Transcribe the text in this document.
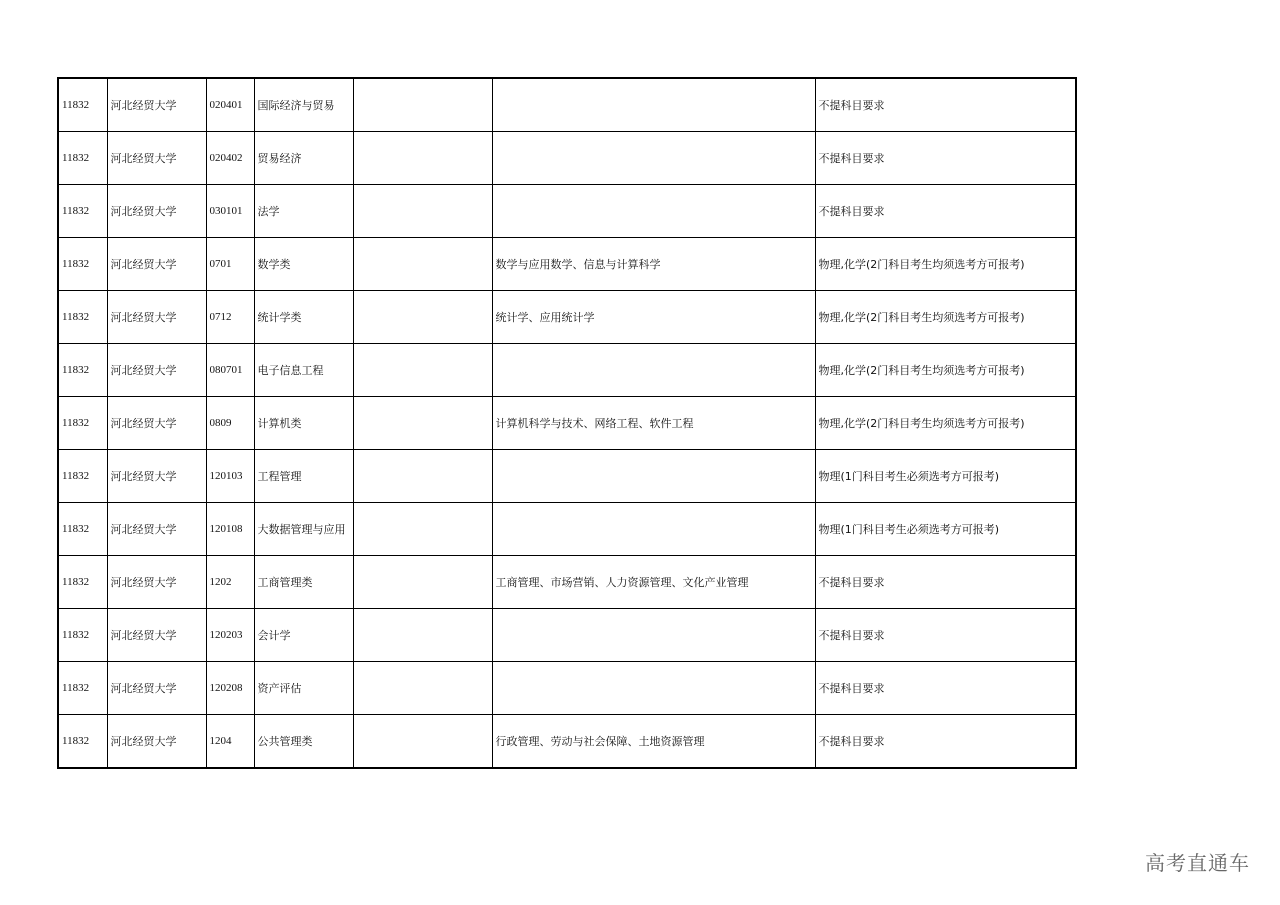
11832	河北经贸大学	020401	国际经济与贸易			不提科目要求
11832	河北经贸大学	020402	贸易经济			不提科目要求
11832	河北经贸大学	030101	法学			不提科目要求
11832	河北经贸大学	0701	数学类		数学与应用数学、信息与计算科学	物理,化学(2门科目考生均须选考方可报考)
11832	河北经贸大学	0712	统计学类		统计学、应用统计学	物理,化学(2门科目考生均须选考方可报考)
11832	河北经贸大学	080701	电子信息工程			物理,化学(2门科目考生均须选考方可报考)
11832	河北经贸大学	0809	计算机类		计算机科学与技术、网络工程、软件工程	物理,化学(2门科目考生均须选考方可报考)
11832	河北经贸大学	120103	工程管理			物理(1门科目考生必须选考方可报考)
11832	河北经贸大学	120108	大数据管理与应用			物理(1门科目考生必须选考方可报考)
11832	河北经贸大学	1202	工商管理类		工商管理、市场营销、人力资源管理、文化产业管理	不提科目要求
11832	河北经贸大学	120203	会计学			不提科目要求
11832	河北经贸大学	120208	资产评估			不提科目要求
11832	河北经贸大学	1204	公共管理类		行政管理、劳动与社会保障、土地资源管理	不提科目要求
高考直通车
